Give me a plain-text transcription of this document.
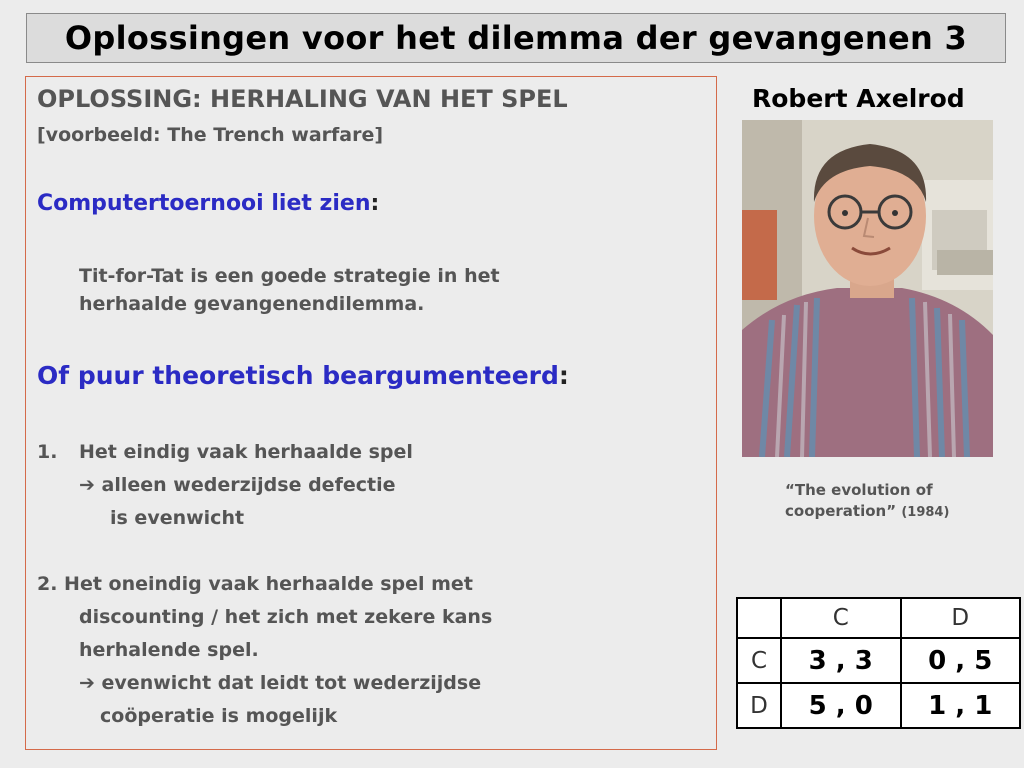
Oplossingen voor het dilemma der gevangenen 3

OPLOSSING: HERHALING VAN HET SPEL

[voorbeeld: The Trench warfare]

Computertoernooi liet zien:

Tit-for-Tat is een goede strategie in het
herhaalde gevangenendilemma.

Of puur theoretisch beargumenteerd:

1. Het eindig vaak herhaalde spel

➔ alleen wederzijdse defectie

is evenwicht

2. Het oneindig vaak herhaalde spel met

discounting / het zich met zekere kans

herhalende spel.

➔ evenwicht dat leidt tot wederzijdse

coöperatie is mogelijk

Robert Axelrod

“The evolution of
cooperation” (1984)
	C	D
C	3 , 3	0 , 5
D	5 , 0	1 , 1
